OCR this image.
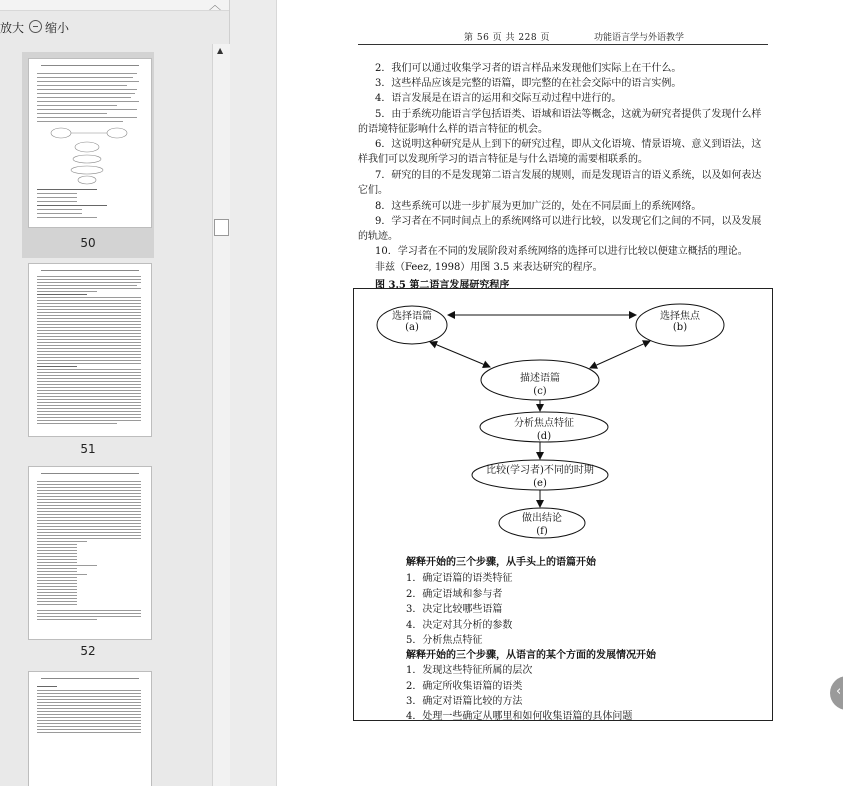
︿
放大 缩小
50
51
52
▲
第 56 页 共 228 页	功能语言学与外语教学
2．我们可以通过收集学习者的语言样品来发现他们实际上在干什么。
3．这些样品应该是完整的语篇，即完整的在社会交际中的语言实例。
4．语言发展是在语言的运用和交际互动过程中进行的。
5．由于系统功能语言学包括语类、语域和语法等概念，这就为研究者提供了发现什么样
的语境特征影响什么样的语言特征的机会。
6．这说明这种研究是从上到下的研究过程，即从文化语境、情景语境、意义到语法，这
样我们可以发现所学习的语言特征是与什么语境的需要相联系的。
7．研究的目的不是发现第二语言发展的规则，而是发现语言的语义系统，以及如何表达
它们。
8．这些系统可以进一步扩展为更加广泛的，处在不同层面上的系统网络。
9．学习者在不同时间点上的系统网络可以进行比较，以发现它们之间的不同，以及发展
的轨迹。
10．学习者在不同的发展阶段对系统网络的选择可以进行比较以便建立概括的理论。
非兹（Feez, 1998）用图 3.5 来表达研究的程序。
图 3.5 第二语言发展研究程序
选择语篇
(a)
选择焦点
(b)
描述语篇
(c)
分析焦点特征
(d)
比较(学习者)不同的时期
(e)
做出结论
(f)
解释开始的三个步骤，从手头上的语篇开始
1．确定语篇的语类特征
2．确定语域和参与者
3．决定比较哪些语篇
4．决定对其分析的参数
5．分析焦点特征
解释开始的三个步骤，从语言的某个方面的发展情况开始
1．发现这些特征所属的层次
2．确定所收集语篇的语类
3．确定对语篇比较的方法
4．处理一些确定从哪里和如何收集语篇的具体问题
‹
